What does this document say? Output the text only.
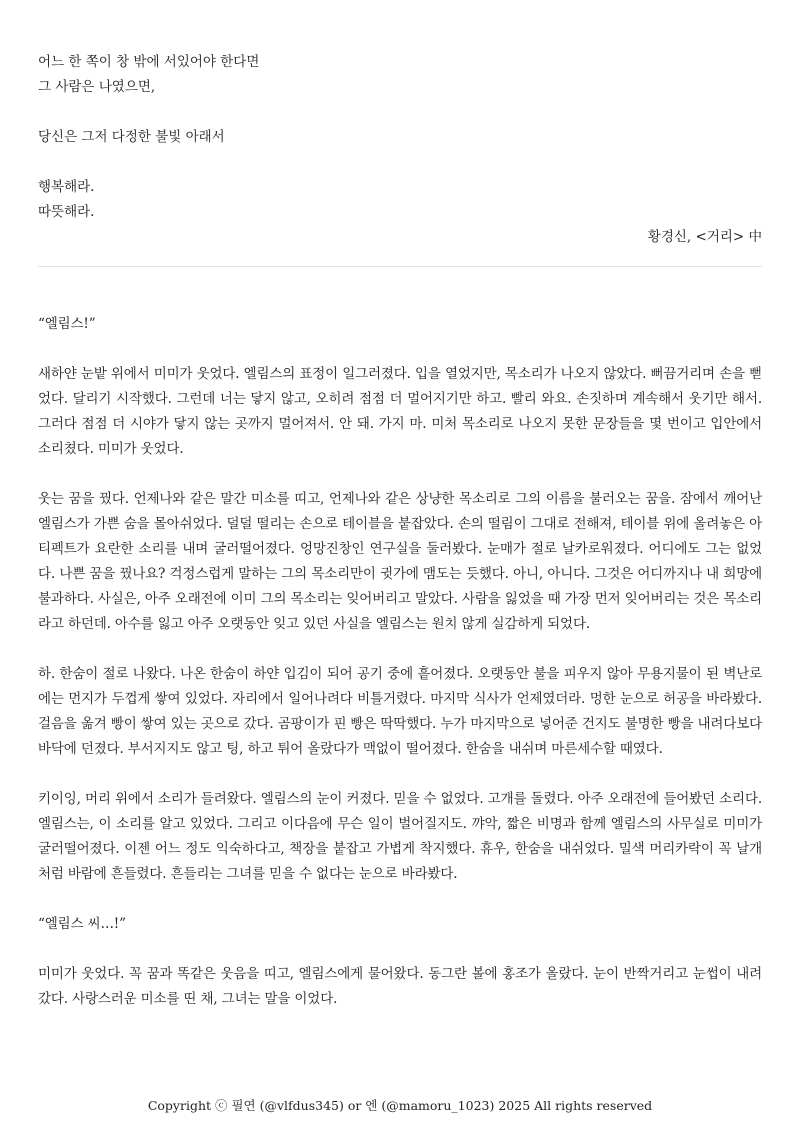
어느 한 쪽이 창 밖에 서있어야 한다면

그 사람은 나였으면,

당신은 그저 다정한 불빛 아래서

행복해라.

따뜻해라.

황경신, <거리> 中

“엘림스!”

새하얀 눈밭 위에서 미미가 웃었다. 엘림스의 표정이 일그러졌다. 입을 열었지만, 목소리가 나오지 않았다. 뻐끔거리며 손을 뻗었다. 달리기 시작했다. 그런데 너는 닿지 않고, 오히려 점점 더 멀어지기만 하고. 빨리 와요. 손짓하며 계속해서 웃기만 해서. 그러다 점점 더 시야가 닿지 않는 곳까지 멀어져서. 안 돼. 가지 마. 미처 목소리로 나오지 못한 문장들을 몇 번이고 입안에서 소리쳤다. 미미가 웃었다.

웃는 꿈을 꿨다. 언제나와 같은 말간 미소를 띠고, 언제나와 같은 상냥한 목소리로 그의 이름을 불러오는 꿈을. 잠에서 깨어난 엘림스가 가쁜 숨을 몰아쉬었다. 덜덜 떨리는 손으로 테이블을 붙잡았다. 손의 떨림이 그대로 전해져, 테이블 위에 올려놓은 아티펙트가 요란한 소리를 내며 굴러떨어졌다. 엉망진창인 연구실을 둘러봤다. 눈매가 절로 날카로워졌다. 어디에도 그는 없었다. 나쁜 꿈을 꿨나요? 걱정스럽게 말하는 그의 목소리만이 귓가에 맴도는 듯했다. 아니, 아니다. 그것은 어디까지나 내 희망에 불과하다. 사실은, 아주 오래전에 이미 그의 목소리는 잊어버리고 말았다. 사람을 잃었을 때 가장 먼저 잊어버리는 것은 목소리라고 하던데. 아수를 잃고 아주 오랫동안 잊고 있던 사실을 엘림스는 원치 않게 실감하게 되었다.

하. 한숨이 절로 나왔다. 나온 한숨이 하얀 입김이 되어 공기 중에 흩어졌다. 오랫동안 불을 피우지 않아 무용지물이 된 벽난로에는 먼지가 두껍게 쌓여 있었다. 자리에서 일어나려다 비틀거렸다. 마지막 식사가 언제였더라. 멍한 눈으로 허공을 바라봤다. 걸음을 옮겨 빵이 쌓여 있는 곳으로 갔다. 곰팡이가 핀 빵은 딱딱했다. 누가 마지막으로 넣어준 건지도 불명한 빵을 내려다보다 바닥에 던졌다. 부서지지도 않고 팅, 하고 튀어 올랐다가 맥없이 떨어졌다. 한숨을 내쉬며 마른세수할 때였다.

키이잉, 머리 위에서 소리가 들려왔다. 엘림스의 눈이 커졌다. 믿을 수 없었다. 고개를 돌렸다. 아주 오래전에 들어봤던 소리다. 엘림스는, 이 소리를 알고 있었다. 그리고 이다음에 무슨 일이 벌어질지도. 꺄악, 짧은 비명과 함께 엘림스의 사무실로 미미가 굴러떨어졌다. 이젠 어느 정도 익숙하다고, 책장을 붙잡고 가볍게 착지했다. 휴우, 한숨을 내쉬었다. 밀색 머리카락이 꼭 날개처럼 바람에 흔들렸다. 흔들리는 그녀를 믿을 수 없다는 눈으로 바라봤다.

“엘림스 씨…!”

미미가 웃었다. 꼭 꿈과 똑같은 웃음을 띠고, 엘림스에게 물어왔다. 동그란 볼에 홍조가 올랐다. 눈이 반짝거리고 눈썹이 내려갔다. 사랑스러운 미소를 띤 채, 그녀는 말을 이었다.

Copyright ⓒ 필연 (@vlfdus345) or 엔 (@mamoru_1023) 2025 All rights reserved
